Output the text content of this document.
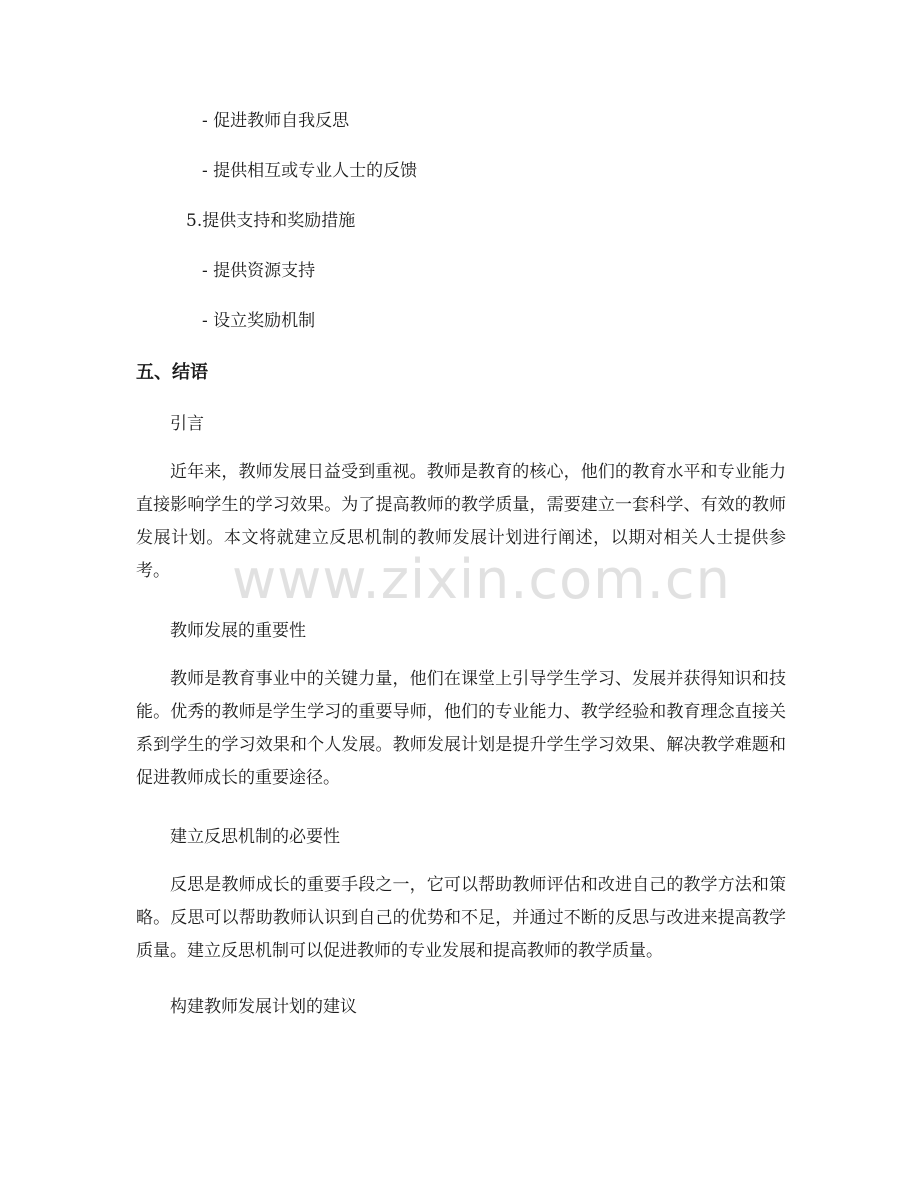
- 促进教师自我反思
- 提供相互或专业人士的反馈
5.提供支持和奖励措施
- 提供资源支持
- 设立奖励机制
五、结语
引言

近年来，教师发展日益受到重视。教师是教育的核心，他们的教育水平和专业能力直接影响学生的学习效果。为了提高教师的教学质量，需要建立一套科学、有效的教师发展计划。本文将就建立反思机制的教师发展计划进行阐述，以期对相关人士提供参考。

教师发展的重要性

教师是教育事业中的关键力量，他们在课堂上引导学生学习、发展并获得知识和技能。优秀的教师是学生学习的重要导师，他们的专业能力、教学经验和教育理念直接关系到学生的学习效果和个人发展。教师发展计划是提升学生学习效果、解决教学难题和促进教师成长的重要途径。

建立反思机制的必要性

反思是教师成长的重要手段之一，它可以帮助教师评估和改进自己的教学方法和策略。反思可以帮助教师认识到自己的优势和不足，并通过不断的反思与改进来提高教学质量。建立反思机制可以促进教师的专业发展和提高教师的教学质量。

构建教师发展计划的建议
www.zixin.com.cn
